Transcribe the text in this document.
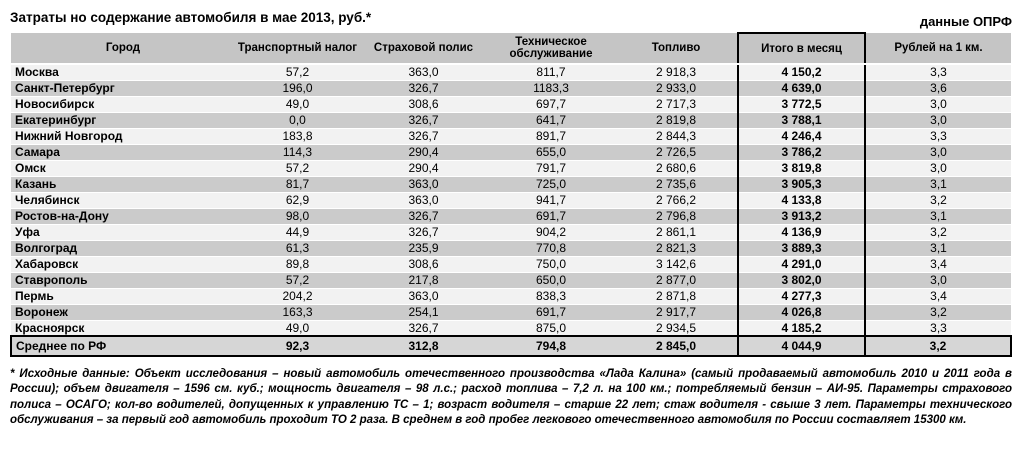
Затраты но содержание автомобиля в мае 2013, руб.*	данные ОПРФ
Город	Транспортный налог	Страховой полис	Техническое обслуживание	Топливо	Итого в месяц	Рублей на 1 км.
Москва	57,2	363,0	811,7	2 918,3	4 150,2	3,3
Санкт-Петербург	196,0	326,7	1183,3	2 933,0	4 639,0	3,6
Новосибирск	49,0	308,6	697,7	2 717,3	3 772,5	3,0
Екатеринбург	0,0	326,7	641,7	2 819,8	3 788,1	3,0
Нижний Новгород	183,8	326,7	891,7	2 844,3	4 246,4	3,3
Самара	114,3	290,4	655,0	2 726,5	3 786,2	3,0
Омск	57,2	290,4	791,7	2 680,6	3 819,8	3,0
Казань	81,7	363,0	725,0	2 735,6	3 905,3	3,1
Челябинск	62,9	363,0	941,7	2 766,2	4 133,8	3,2
Ростов-на-Дону	98,0	326,7	691,7	2 796,8	3 913,2	3,1
Уфа	44,9	326,7	904,2	2 861,1	4 136,9	3,2
Волгоград	61,3	235,9	770,8	2 821,3	3 889,3	3,1
Хабаровск	89,8	308,6	750,0	3 142,6	4 291,0	3,4
Ставрополь	57,2	217,8	650,0	2 877,0	3 802,0	3,0
Пермь	204,2	363,0	838,3	2 871,8	4 277,3	3,4
Воронеж	163,3	254,1	691,7	2 917,7	4 026,8	3,2
Красноярск	49,0	326,7	875,0	2 934,5	4 185,2	3,3
Среднее по РФ	92,3	312,8	794,8	2 845,0	4 044,9	3,2
* Исходные данные: Объект исследования – новый автомобиль отечественного производства «Лада Калина» (самый продаваемый автомобиль 2010 и 2011 года в России); объем двигателя – 1596 см. куб.; мощность двигателя – 98 л.с.; расход топлива – 7,2 л. на 100 км.; потребляемый бензин – АИ-95. Параметры страхового полиса – ОСАГО; кол-во водителей, допущенных к управлению ТС – 1; возраст водителя – старше 22 лет; стаж водителя - свыше 3 лет. Параметры технического обслуживания – за первый год автомобиль проходит ТО 2 раза. В среднем в год пробег легкового отечественного автомобиля по России составляет 15300 км.
